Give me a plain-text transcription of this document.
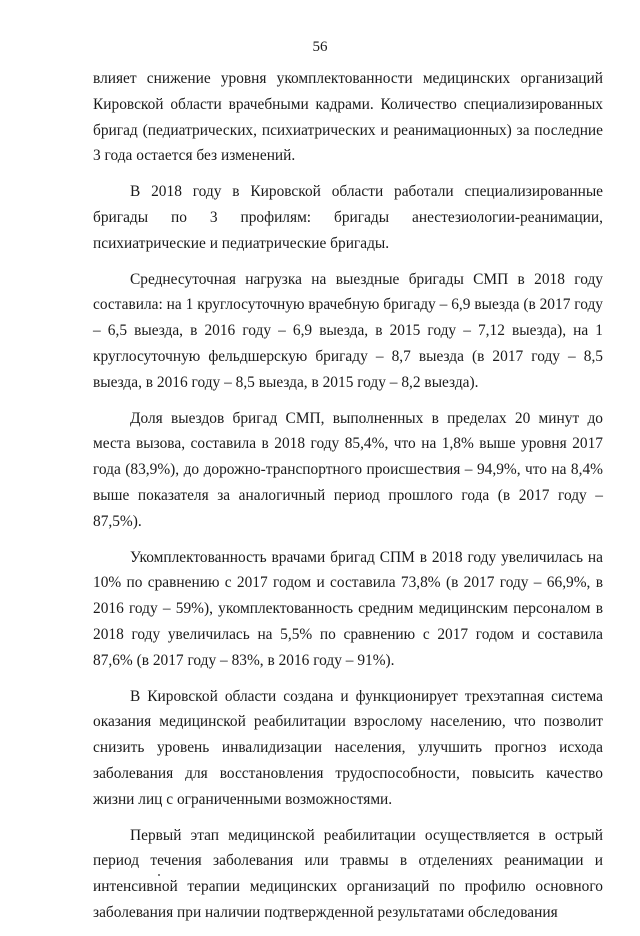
56

влияет снижение уровня укомплектованности медицинских организаций Кировской области врачебными кадрами. Количество специализированных бригад (педиатрических, психиатрических и реанимационных) за последние 3 года остается без изменений.

В 2018 году в Кировской области работали специализированные бригады по 3 профилям: бригады анестезиологии-реанимации, психиатрические и педиатрические бригады.

Среднесуточная нагрузка на выездные бригады СМП в 2018 году составила: на 1 круглосуточную врачебную бригаду – 6,9 выезда (в 2017 году – 6,5 выезда, в 2016 году – 6,9 выезда, в 2015 году – 7,12 выезда), на 1 круглосуточную фельдшерскую бригаду – 8,7 выезда (в 2017 году – 8,5 выезда, в 2016 году – 8,5 выезда, в 2015 году – 8,2 выезда).

Доля выездов бригад СМП, выполненных в пределах 20 минут до места вызова, составила в 2018 году 85,4%, что на 1,8% выше уровня 2017 года (83,9%), до дорожно-транспортного происшествия – 94,9%, что на 8,4% выше показателя за аналогичный период прошлого года (в 2017 году – 87,5%).

Укомплектованность врачами бригад СПМ в 2018 году увеличилась на 10% по сравнению с 2017 годом и составила 73,8% (в 2017 году – 66,9%, в 2016 году – 59%), укомплектованность средним медицинским персоналом в 2018 году увеличилась на 5,5% по сравнению с 2017 годом и составила 87,6% (в 2017 году – 83%, в 2016 году – 91%).

В Кировской области создана и функционирует трехэтапная система оказания медицинской реабилитации взрослому населению, что позволит снизить уровень инвалидизации населения, улучшить прогноз исхода заболевания для восстановления трудоспособности, повысить качество жизни лиц с ограниченными возможностями.

Первый этап медицинской реабилитации осуществляется в острый период течения заболевания или травмы в отделениях реанимации и интенсивной терапии медицинских организаций по профилю основного заболевания при наличии подтвержденной результатами обследования
